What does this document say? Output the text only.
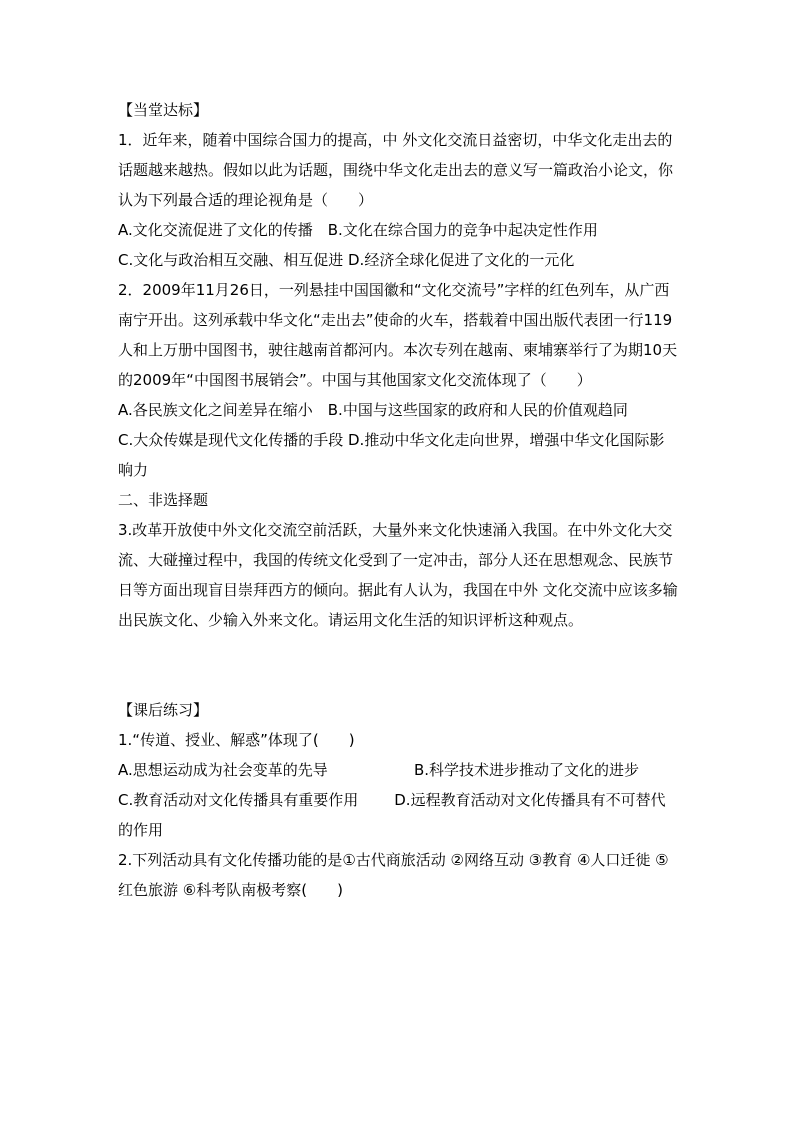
【当堂达标】
1．近年来，随着中国综合国力的提高，中 外文化交流日益密切，中华文化走出去的话题越来越热。假如以此为话题，围绕中华文化走出去的意义写一篇政治小论文，你认为下列最合适的理论视角是（　　）
A.文化交流促进了文化的传播　B.文化在综合国力的竞争中起决定性作用
C.文化与政治相互交融、相互促进 D.经济全球化促进了文化的一元化
2．2009年11月26日，一列悬挂中国国徽和“文化交流号”字样的红色列车，从广西南宁开出。这列承载中华文化“走出去”使命的火车，搭载着中国出版代表团一行119人和上万册中国图书，驶往越南首都河内。本次专列在越南、柬埔寨举行了为期10天的2009年“中国图书展销会”。中国与其他国家文化交流体现了（　　）
A.各民族文化之间差异在缩小　B.中国与这些国家的政府和人民的价值观趋同
C.大众传媒是现代文化传播的手段 D.推动中华文化走向世界，增强中华文化国际影响力
二、非选择题
3.改革开放使中外文化交流空前活跃，大量外来文化快速涌入我国。在中外文化大交流、大碰撞过程中，我国的传统文化受到了一定冲击，部分人还在思想观念、民族节日等方面出现盲目崇拜西方的倾向。据此有人认为，我国在中外 文化交流中应该多输出民族文化、少输入外来文化。请运用文化生活的知识评析这种观点。
【课后练习】
1.“传道、授业、解惑”体现了(　　)
A.思想运动成为社会变革的先导	B.科学技术进步推动了文化的进步
C.教育活动对文化传播具有重要作用 D.远程教育活动对文化传播具有不可替代的作用
2.下列活动具有文化传播功能的是①古代商旅活动 ②网络互动 ③教育 ④人口迁徙 ⑤红色旅游 ⑥科考队南极考察(　　)
